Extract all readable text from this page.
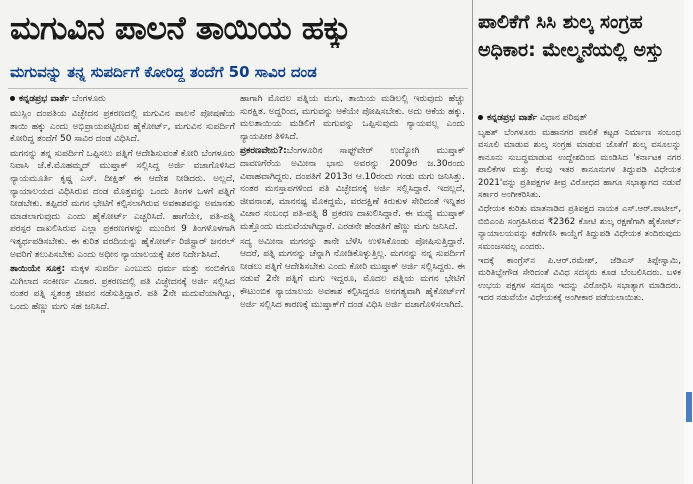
ಮಗುವಿನ ಪಾಲನೆ ತಾಯಿಯ ಹಕ್ಕು
ಮಗುವನ್ನು ತನ್ನ ಸುಪರ್ದಿಗೆ ಕೋರಿದ್ದ ತಂದೆಗೆ 50 ಸಾವಿರ ದಂಡ
ಕನ್ನಡಪ್ರಭ ವಾರ್ತೆ ಬೆಂಗಳೂರು

ಮುಸ್ಲಿಂ ದಂಪತಿಯ ವಿಚ್ಛೇದನ ಪ್ರಕರಣದಲ್ಲಿ ಮಗುವಿನ ಪಾಲನೆ ಪೋಷಣೆಯ ತಾಯಿ ಹಕ್ಕು ಎಂದು ಅಭಿಪ್ರಾಯಪಟ್ಟಿರುವ ಹೈಕೋರ್ಟ್, ಮಗುವಿನ ಸುಪರ್ದಿಗೆ ಕೋರಿದ್ದ ತಂದೆಗೆ 50 ಸಾವಿರ ದಂಡ ವಿಧಿಸಿದೆ.

ಮಗನನ್ನು ತನ್ನ ಸುಪರ್ದಿಗೆ ಒಪ್ಪಿಸಲು ಪತ್ನಿಗೆ ಆದೇಶಿಸುವಂತೆ ಕೋರಿ ಬೆಂಗಳೂರು ನಿವಾಸಿ ಜೆ.ಕೆ.ಮೊಹಮ್ಮದ್ ಮುಷ್ತಾಕ್ ಸಲ್ಲಿಸಿದ್ದ ಅರ್ಜಿ ವಜಾಗೊಳಿಸಿದ ನ್ಯಾಯಮೂರ್ತಿ ಕೃಷ್ಣ ಎಸ್. ದೀಕ್ಷಿತ್ ಈ ಆದೇಶ ನೀಡಿದರು. ಅಲ್ಲದೆ, ನ್ಯಾಯಾಲಯದ ವಿಧಿಸಿರುವ ದಂಡ ಮೊತ್ತವನ್ನು ಒಂದು ತಿಂಗಳ ಒಳಗೆ ಪತ್ನಿಗೆ ನೀಡಬೇಕು. ತಪ್ಪಿದರೆ ಮಗನ ಭೇಟಿಗೆ ಕಲ್ಪಿಸಲಾಗಿರುವ ಅವಕಾಶವನ್ನು ಅಮಾನತು ಮಾಡಲಾಗುವುದು ಎಂದು ಹೈಕೋರ್ಟ್ ಎಚ್ಚರಿಸಿದೆ. ಹಾಗೆಯೇ, ಪತಿ-ಪತ್ನಿ ಪರಸ್ಪರ ದಾಖಲಿಸಿರುವ ಎಲ್ಲಾ ಪ್ರಕರಣಗಳನ್ನು ಮುಂದಿನ 9 ತಿಂಗಳೊಳಗಾಗಿ ಇತ್ಯರ್ಥಪಡಿಸಬೇಕು. ಈ ಕುರಿತ ವರದಿಯನ್ನು ಹೈಕೋರ್ಟ್ ರಿಜಿಸ್ಟ್ರಾರ್ ಜನರಲ್ ಅವರಿಗೆ ತಲುಪಿಸಬೇಕು ಎಂದು ಅಧೀನ ನ್ಯಾಯಾಲಯಕ್ಕೆ ಪೀಠ ನಿರ್ದೇಶಿಸಿದೆ.

ತಾಯಿಯೇ ಸೂಕ್ತ: ಮಕ್ಕಳ ಸುಪರ್ದಿ ಎಂಬುದು ಧರ್ಮ ಮತ್ತು ನಂಬಿಕೆಗೂ ಮಿಗಿಲಾದ ಸಂಕೀರ್ಣ ವಿಚಾರ. ಪ್ರಕರಣದಲ್ಲಿ ಪತಿ ವಿಚ್ಛೇದನಕ್ಕೆ ಅರ್ಜಿ ಸಲ್ಲಿಸಿದ ನಂತರ ಪತ್ನಿ ಸ್ವತಂತ್ರ ಜೀವನ ನಡೆಸುತ್ತಿದ್ದಾರೆ. ಪತಿ 2ನೇ ಮದುವೆಯಾಗಿದ್ದು, ಒಂದು ಹೆಣ್ಣು ಮಗು ಸಹ ಜನಿಸಿದೆ.

ಹಾಗಾಗಿ ಮೊದಲ ಪತ್ನಿಯ ಮಗು, ತಾಯಿಯ ಮಡಿಲಲ್ಲಿ ಇರುವುದು ಹೆಚ್ಚು ಸುರಕ್ಷಿತ. ಅದ್ದರಿಂದ, ಮಗುವನ್ನು ಆಕೆಯೇ ಪೋಷಿಸಬೇಕು. ಅದು ಆಕೆಯ ಹಕ್ಕು. ಮಲತಾಯಿಯ ಮಡಿಲಿಗೆ ಮಗುವನ್ನು ಒಪ್ಪಿಸುವುದು ನ್ಯಾಯವಲ್ಲ ಎಂದು ನ್ಯಾಯಪೀಠ ತಿಳಿಸಿದೆ.

ಪ್ರಕರಣವೇನು?:ಬೆಂಗಳೂರಿನ ಸಾಫ್ಟ್‌ವೇರ್ ಉದ್ಯೋಗಿ ಮುಷ್ತಾಕ್ ದಾವಣಗೆರೆಯ ಅಮೀನಾ ಭಾನು ಅವರನ್ನು 2009ರ ಜ.30ರಂದು ವಿವಾಹವಾಗಿದ್ದರು. ದಂಪತಿಗೆ 2013ರ ಆ.10ರಂದು ಗಂಡು ಮಗು ಜನಿಸಿತ್ತು. ನಂತರ ಮನಸ್ತಾಪಗಳಿಂದ ಪತಿ ವಿಚ್ಛೇದನಕ್ಕೆ ಅರ್ಜಿ ಸಲ್ಲಿಸಿದ್ದಾರೆ. ಇದಲ್ಲದೆ, ಜೀವನಾಂಶ, ಮಾನನಷ್ಟ ಮೊಕದ್ದಮೆ, ವರದಕ್ಷಿಣೆ ಕಿರುಕುಳ ಸೇರಿದಂತೆ ಇನ್ನಿತರ ವಿಚಾರ ಸಂಬಂಧ ಪತಿ-ಪತ್ನಿ 8 ಪ್ರಕರಣ ದಾಖಲಿಸಿದ್ದಾರೆ. ಈ ಮಧ್ಯೆ ಮುಷ್ತಾಕ್ ಮತ್ತೊಂದು ಮದುವೆಯಾಗಿದ್ದಾರೆ. ಎರಡನೇ ಹೆಂಡತಿಗೆ ಹೆಣ್ಣು ಮಗು ಜನಿಸಿದೆ.

ಸದ್ಯ ಅಮೀನಾ ಮಗನನ್ನು ತಾನೇ ಬೆಳೆಸಿ ಉಳಿಸಿಕೊಂಡು ಪೋಷಿಸುತ್ತಿದ್ದಾರೆ. ಆದರೆ, ಪತ್ನಿ ಮಗನನ್ನು ಚೆನ್ನಾಗಿ ನೋಡಿಕೊಳ್ಳುತ್ತಿಲ್ಲ. ಮಗನನ್ನು ನನ್ನ ಸುಪರ್ದಿಗೆ ನೀಡಲು ಪತ್ನಿಗೆ ಆದೇಶಿಸಬೇಕು ಎಂದು ಕೋರಿ ಮುಷ್ತಾಕ್ ಅರ್ಜಿ ಸಲ್ಲಿಸಿದ್ದರು. ಈ ನಡುವೆ 2ನೇ ಪತ್ನಿಗೆ ಮಗು ಇದ್ದರೂ, ಮೊದಲ ಪತ್ನಿಯ ಮಗನ ಭೇಟಿಗೆ ಕೌಟುಂಬಿಕ ನ್ಯಾಯಾಲಯ ಅವಕಾಶ ಕಲ್ಪಿಸಿದ್ದರೂ ಅನಗತ್ಯವಾಗಿ ಹೈಕೋರ್ಟ್‌ಗೆ ಅರ್ಜಿ ಸಲ್ಲಿಸಿದ ಕಾರಣಕ್ಕೆ ಮುಷ್ತಾಕ್‌ಗೆ ದಂಡ ವಿಧಿಸಿ ಅರ್ಜಿ ವಜಾಗೊಳಿಸಲಾಗಿದೆ.

ಪಾಲಿಕೆಗೆ ಸಿಸಿ ಶುಲ್ಕ ಸಂಗ್ರಹ ಅಧಿಕಾರ: ಮೇಲ್ಮನೆಯಲ್ಲಿ ಅಸ್ತು
ಕನ್ನಡಪ್ರಭ ವಾರ್ತೆ ವಿಧಾನ ಪರಿಷತ್

ಬೃಹತ್ ಬೆಂಗಳೂರು ಮಹಾನಗರ ಪಾಲಿಕೆ ಕಟ್ಟಡ ನಿರ್ಮಾಣ ಸಂಬಂಧ ವಸೂಲಿ ಮಾಡುವ ಶುಲ್ಕ ಸಂಗ್ರಹ ಮಾಡುವ ಜೊತೆಗೆ ಶುಲ್ಕ ವಸೂಲನ್ನು ಕಾನೂನು ಸುಬದ್ಧಮಾಡುವ ಉದ್ದೇಶದಿಂದ ಮಂಡಿಸಿದ 'ಕರ್ನಾಟಕ ನಗರ ಪಾಲಿಕೆಗಳ ಮತ್ತು ಕೆಲವು ಇತರ ಕಾನೂನುಗಳ ತಿದ್ದುಪಡಿ ವಿಧೇಯಕ 2021'ವನ್ನು ಪ್ರತಿಪಕ್ಷಗಳ ತೀವ್ರ ವಿರೋಧದ ಹಾಗೂ ಸಭಾತ್ಯಾಗದ ನಡುವೆ ಸರ್ಕಾರ ಅಂಗೀಕರಿಸಿತು.

ವಿಧೇಯಕ ಕುರಿತು ಮಾತನಾಡಿದ ಪ್ರತಿಪಕ್ಷದ ನಾಯಕ ಎಸ್.ಆರ್.ಪಾಟೀಲ್, ಬಿಬಿಎಂಪಿ ಸಂಗ್ರಹಿಸಿರುವ ₹2362 ಕೋಟಿ ಶುಲ್ಕ ರಕ್ಷಣೆಗಾಗಿ ಹೈಕೋರ್ಟ್ ನ್ಯಾಯಾಲಯವನ್ನು ಕಡೆಗಣಿಸಿ ಕಾಯ್ದೆಗೆ ತಿದ್ದುಪಡಿ ವಿಧೇಯಕ ತಂದಿರುವುದು ಸಮಂಜಸವಲ್ಲ ಎಂದರು.

ಇದಕ್ಕೆ ಕಾಂಗ್ರೆಸ್‌ನ ಪಿ.ಆರ್.ರಮೇಶ್, ಜೆಡಿಎಸ್ ತಿಪ್ಪೇಸ್ವಾಮಿ, ಮರಿತಿಬ್ಬೇಗೌಡ ಸೇರಿದಂತೆ ವಿವಿಧ ಸದಸ್ಯರು ಕೂಡ ಬೆಂಬಲಿಸಿದರು. ಬಳಿಕ ಉಭಯ ಪಕ್ಷಗಳ ಸದಸ್ಯರು ಇದನ್ನು ವಿರೋಧಿಸಿ ಸಭಾತ್ಯಾಗ ಮಾಡಿದರು. ಇದರ ನಡುವೆಯೇ ವಿಧೇಯಕಕ್ಕೆ ಅಂಗೀಕಾರ ಪಡೆಯಲಾಯಿತು.
